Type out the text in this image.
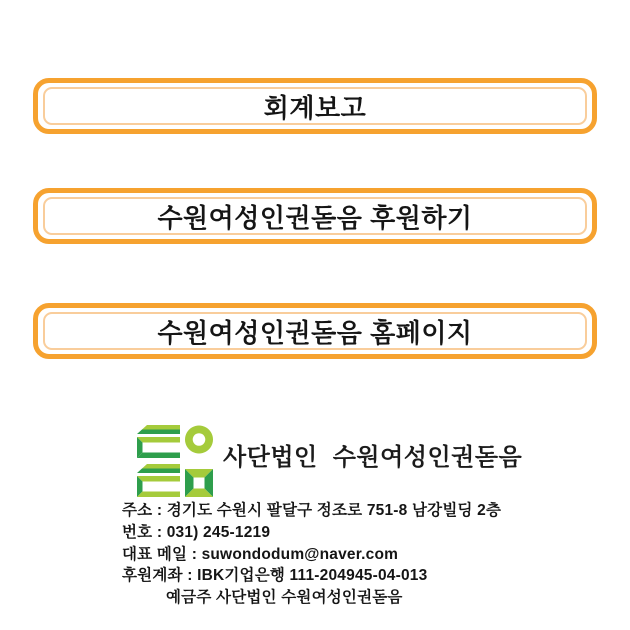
회계보고
수원여성인권돋음 후원하기
수원여성인권돋음 홈페이지
사단법인 수원여성인권돋음
주소 : 경기도 수원시 팔달구 정조로 751-8 남강빌딩 2층
번호 : 031) 245-1219
대표 메일 : suwondodum@naver.com
후원계좌 : IBK기업은행 111-204945-04-013
예금주 사단법인 수원여성인권돋음
